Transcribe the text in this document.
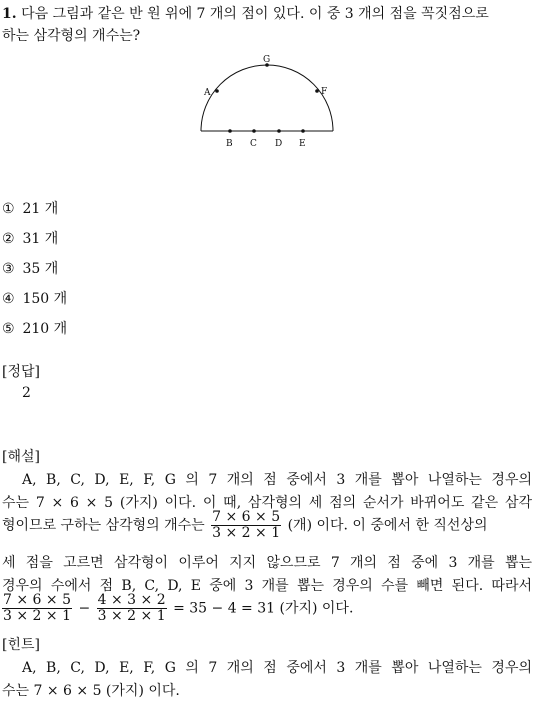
1. 다음 그림과 같은 반 원 위에 7 개의 점이 있다. 이 중 3 개의 점을 꼭짓점으로
하는 삼각형의 개수는?
A
G
F
B C D E
① 21 개
② 31 개
③ 35 개
④ 150 개
⑤ 210 개
[정답]
2
[해설]
A, B, C, D, E, F, G 의 7 개의 점 중에서 3 개를 뽑아 나열하는 경우의
수는 7 × 6 × 5 (가지) 이다. 이 때, 삼각형의 세 점의 순서가 바뀌어도 같은 삼각
형이므로 구하는 삼각형의 개수는 $\frac{7 \times 6 \times 5}{3 \times 2 \times 1}$ (개) 이다. 이 중에서 한 직선상의
세 점을 고르면 삼각형이 이루어 지지 않으므로 7 개의 점 중에 3 개를 뽑는
경우의 수에서 점 B, C, D, E 중에 3 개를 뽑는 경우의 수를 빼면 된다. 따라서
$\frac{7 \times 6 \times 5}{3 \times 2 \times 1} - \frac{4 \times 3 \times 2}{3 \times 2 \times 1} = 35 - 4 = 31$ (가지) 이다.
[힌트]
A, B, C, D, E, F, G 의 7 개의 점 중에서 3 개를 뽑아 나열하는 경우의
수는 7 × 6 × 5 (가지) 이다.
